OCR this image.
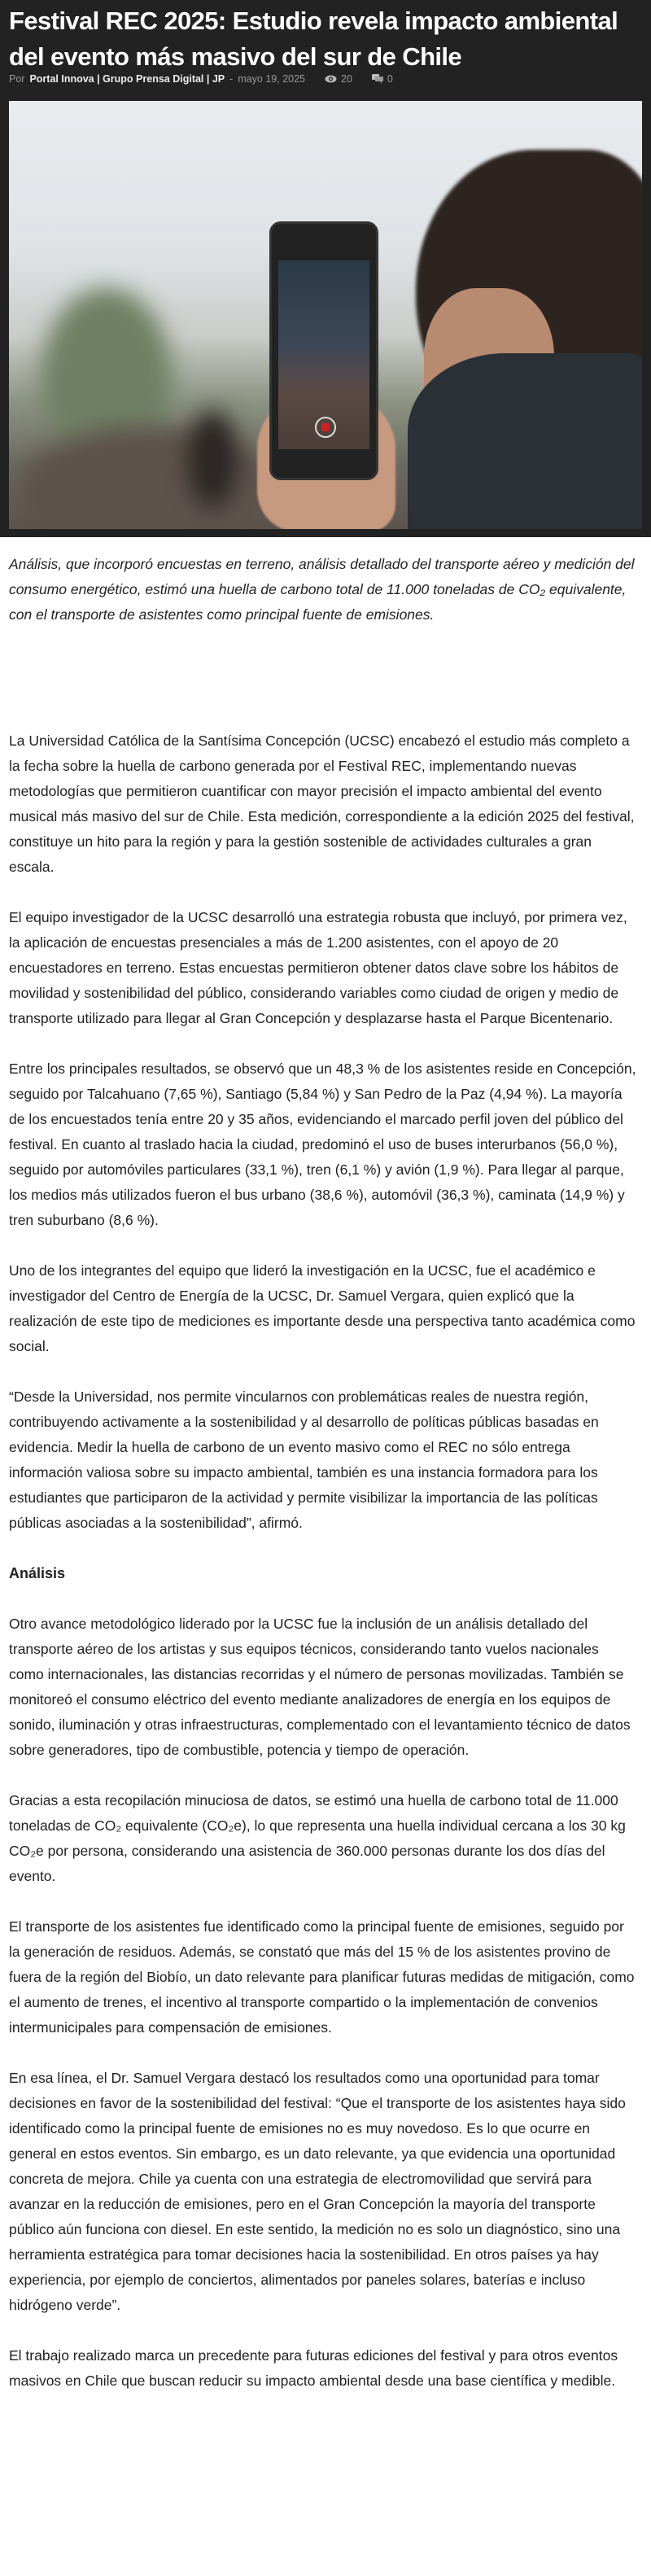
Festival REC 2025: Estudio revela impacto ambiental del evento más masivo del sur de Chile
Por Portal Innova | Grupo Prensa Digital | JP - mayo 19, 2025	20	0

Análisis, que incorporó encuestas en terreno, análisis detallado del transporte aéreo y medición del consumo energético, estimó una huella de carbono total de 11.000 toneladas de CO₂ equivalente, con el transporte de asistentes como principal fuente de emisiones.

La Universidad Católica de la Santísima Concepción (UCSC) encabezó el estudio más completo a la fecha sobre la huella de carbono generada por el Festival REC, implementando nuevas metodologías que permitieron cuantificar con mayor precisión el impacto ambiental del evento musical más masivo del sur de Chile. Esta medición, correspondiente a la edición 2025 del festival, constituye un hito para la región y para la gestión sostenible de actividades culturales a gran escala.

El equipo investigador de la UCSC desarrolló una estrategia robusta que incluyó, por primera vez, la aplicación de encuestas presenciales a más de 1.200 asistentes, con el apoyo de 20 encuestadores en terreno. Estas encuestas permitieron obtener datos clave sobre los hábitos de movilidad y sostenibilidad del público, considerando variables como ciudad de origen y medio de transporte utilizado para llegar al Gran Concepción y desplazarse hasta el Parque Bicentenario.

Entre los principales resultados, se observó que un 48,3 % de los asistentes reside en Concepción, seguido por Talcahuano (7,65 %), Santiago (5,84 %) y San Pedro de la Paz (4,94 %). La mayoría de los encuestados tenía entre 20 y 35 años, evidenciando el marcado perfil joven del público del festival. En cuanto al traslado hacia la ciudad, predominó el uso de buses interurbanos (56,0 %), seguido por automóviles particulares (33,1 %), tren (6,1 %) y avión (1,9 %). Para llegar al parque, los medios más utilizados fueron el bus urbano (38,6 %), automóvil (36,3 %), caminata (14,9 %) y tren suburbano (8,6 %).

Uno de los integrantes del equipo que lideró la investigación en la UCSC, fue el académico e investigador del Centro de Energía de la UCSC, Dr. Samuel Vergara, quien explicó que la realización de este tipo de mediciones es importante desde una perspectiva tanto académica como social.

“Desde la Universidad, nos permite vincularnos con problemáticas reales de nuestra región, contribuyendo activamente a la sostenibilidad y al desarrollo de políticas públicas basadas en evidencia. Medir la huella de carbono de un evento masivo como el REC no sólo entrega información valiosa sobre su impacto ambiental, también es una instancia formadora para los estudiantes que participaron de la actividad y permite visibilizar la importancia de las políticas públicas asociadas a la sostenibilidad”, afirmó.

Análisis

Otro avance metodológico liderado por la UCSC fue la inclusión de un análisis detallado del transporte aéreo de los artistas y sus equipos técnicos, considerando tanto vuelos nacionales como internacionales, las distancias recorridas y el número de personas movilizadas. También se monitoreó el consumo eléctrico del evento mediante analizadores de energía en los equipos de sonido, iluminación y otras infraestructuras, complementado con el levantamiento técnico de datos sobre generadores, tipo de combustible, potencia y tiempo de operación.

Gracias a esta recopilación minuciosa de datos, se estimó una huella de carbono total de 11.000 toneladas de CO₂ equivalente (CO₂e), lo que representa una huella individual cercana a los 30 kg CO₂e por persona, considerando una asistencia de 360.000 personas durante los dos días del evento.

El transporte de los asistentes fue identificado como la principal fuente de emisiones, seguido por la generación de residuos. Además, se constató que más del 15 % de los asistentes provino de fuera de la región del Biobío, un dato relevante para planificar futuras medidas de mitigación, como el aumento de trenes, el incentivo al transporte compartido o la implementación de convenios intermunicipales para compensación de emisiones.

En esa línea, el Dr. Samuel Vergara destacó los resultados como una oportunidad para tomar decisiones en favor de la sostenibilidad del festival: “Que el transporte de los asistentes haya sido identificado como la principal fuente de emisiones no es muy novedoso. Es lo que ocurre en general en estos eventos. Sin embargo, es un dato relevante, ya que evidencia una oportunidad concreta de mejora. Chile ya cuenta con una estrategia de electromovilidad que servirá para avanzar en la reducción de emisiones, pero en el Gran Concepción la mayoría del transporte público aún funciona con diesel. En este sentido, la medición no es solo un diagnóstico, sino una herramienta estratégica para tomar decisiones hacia la sostenibilidad. En otros países ya hay experiencia, por ejemplo de conciertos, alimentados por paneles solares, baterías e incluso hidrógeno verde”.

El trabajo realizado marca un precedente para futuras ediciones del festival y para otros eventos masivos en Chile que buscan reducir su impacto ambiental desde una base científica y medible.
